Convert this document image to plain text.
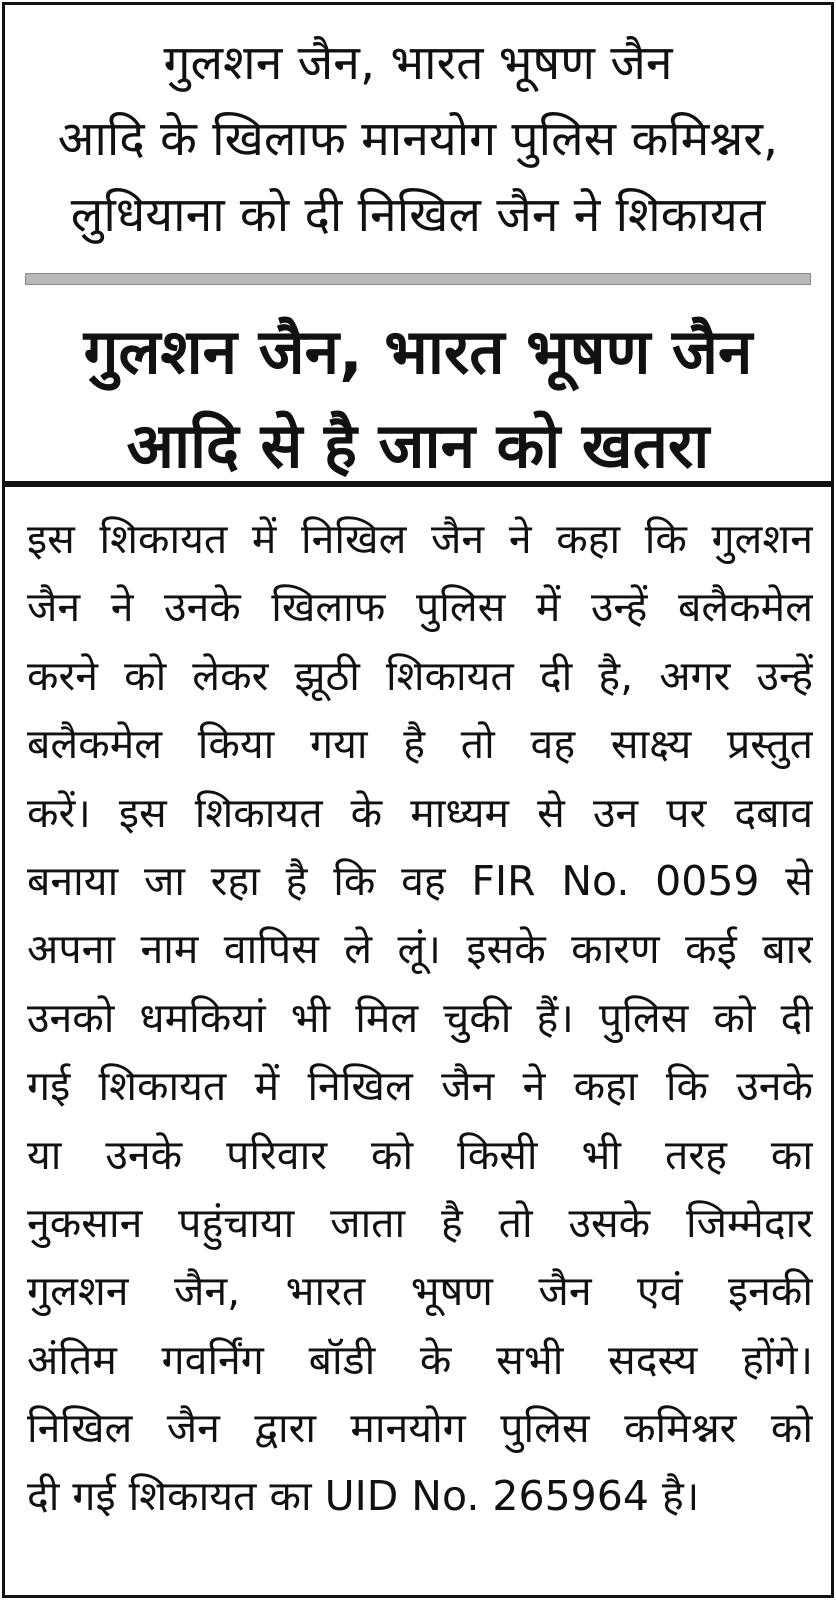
गुलशन जैन, भारत भूषण जैन
आदि के खिलाफ मानयोग पुलिस कमिश्नर,
लुधियाना को दी निखिल जैन ने शिकायत
गुलशन जैन, भारत भूषण जैन
आदि से है जान को खतरा
इस शिकायत में निखिल जैन ने कहा कि गुलशन
जैन ने उनके खिलाफ पुलिस में उन्हें बलैकमेल
करने को लेकर झूठी शिकायत दी है, अगर उन्हें
बलैकमेल किया गया है तो वह साक्ष्य प्रस्तुत
करें। इस शिकायत के माध्यम से उन पर दबाव
बनाया जा रहा है कि वह FIR No. 0059 से
अपना नाम वापिस ले लूं। इसके कारण कई बार
उनको धमकियां भी मिल चुकी हैं। पुलिस को दी
गई शिकायत में निखिल जैन ने कहा कि उनके
या उनके परिवार को किसी भी तरह का
नुकसान पहुंचाया जाता है तो उसके जिम्मेदार
गुलशन जैन, भारत भूषण जैन एवं इनकी
अंतिम गवर्निंग बॉडी के सभी सदस्य होंगे।
निखिल जैन द्वारा मानयोग पुलिस कमिश्नर को
दी गई शिकायत का UID No. 265964 है।
